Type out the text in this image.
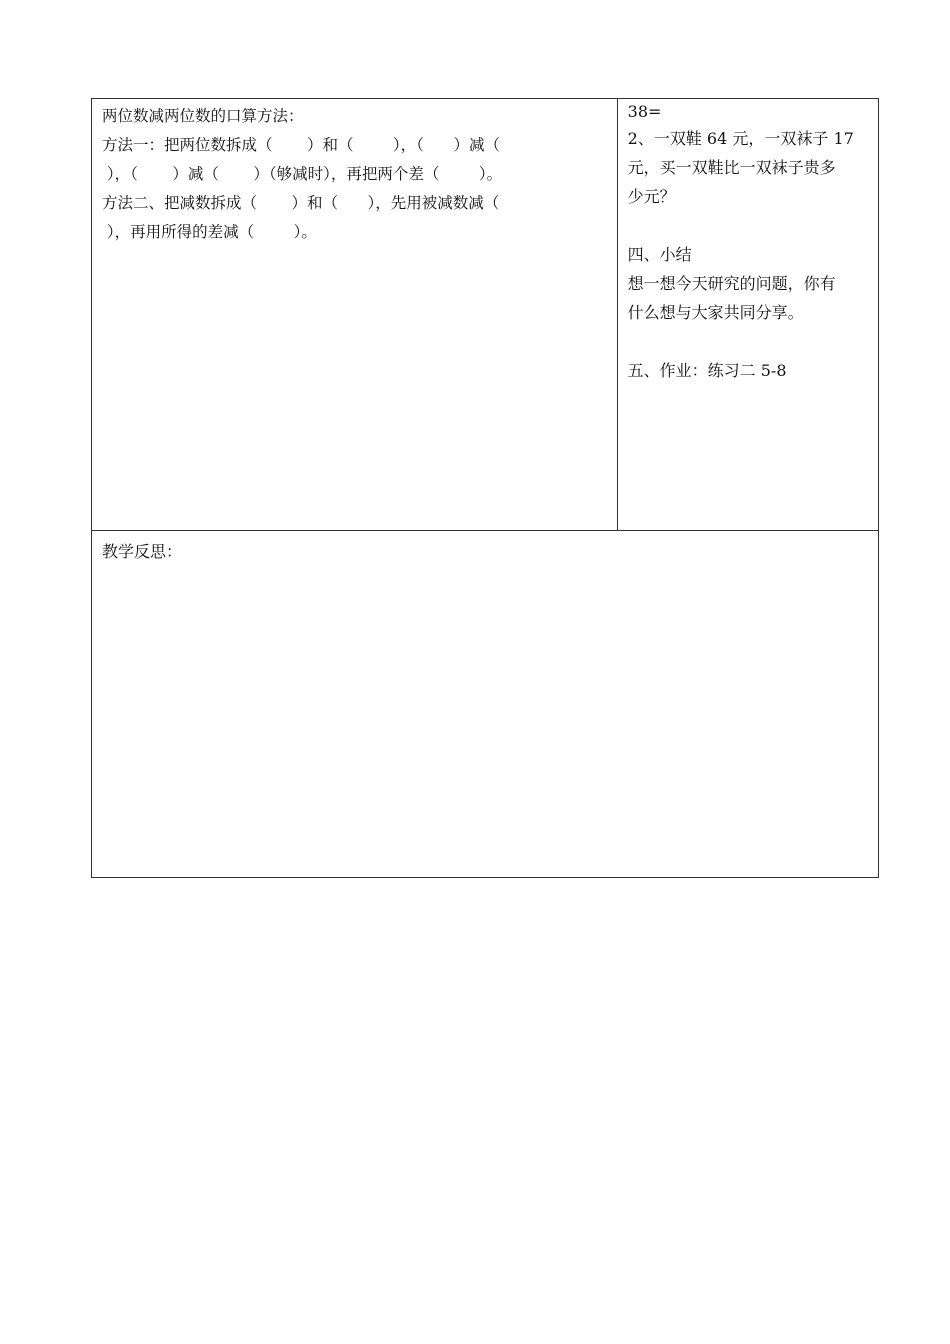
两位数减两位数的口算方法：

方法一：把两位数拆成（       ）和（        ），（      ）减（

），（       ）减（       ）（够减时），再把两个差（        ）。

方法二、把减数拆成（       ）和（      ），先用被减数减（

），再用所得的差减（        ）。

38=

2、一双鞋 64 元，一双袜子 17

元，买一双鞋比一双袜子贵多

少元？

四、小结

想一想今天研究的问题，你有

什么想与大家共同分享。

五、作业：练习二 5-8

教学反思：
